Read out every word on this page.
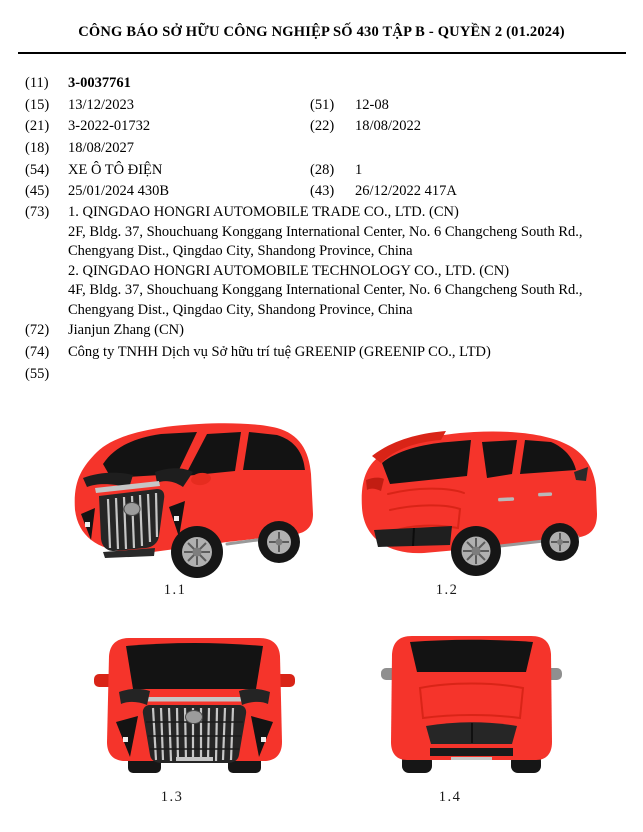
CÔNG BÁO SỞ HỮU CÔNG NGHIỆP SỐ 430 TẬP B - QUYỀN 2 (01.2024)
(11) 3-0037761
(15) 13/12/2023	(51) 12-08
(21) 3-2022-01732	(22) 18/08/2022
(18) 18/08/2027
(54) XE Ô TÔ ĐIỆN	(28) 1
(45) 25/01/2024 430B	(43) 26/12/2022 417A
(73) 1. QINGDAO HONGRI AUTOMOBILE TRADE CO., LTD. (CN)

2F, Bldg. 37, Shouchuang Konggang International Center, No. 6 Changcheng South Rd., Chengyang Dist., Qingdao City, Shandong Province, China

2. QINGDAO HONGRI AUTOMOBILE TECHNOLOGY CO., LTD. (CN)

4F, Bldg. 37, Shouchuang Konggang International Center, No. 6 Changcheng South Rd., Chengyang Dist., Qingdao City, Shandong Province, China

(72) Jianjun Zhang (CN)
(74) Công ty TNHH Dịch vụ Sở hữu trí tuệ GREENIP (GREENIP CO., LTD)
(55)
1.1	1.2
1.3	1.4
